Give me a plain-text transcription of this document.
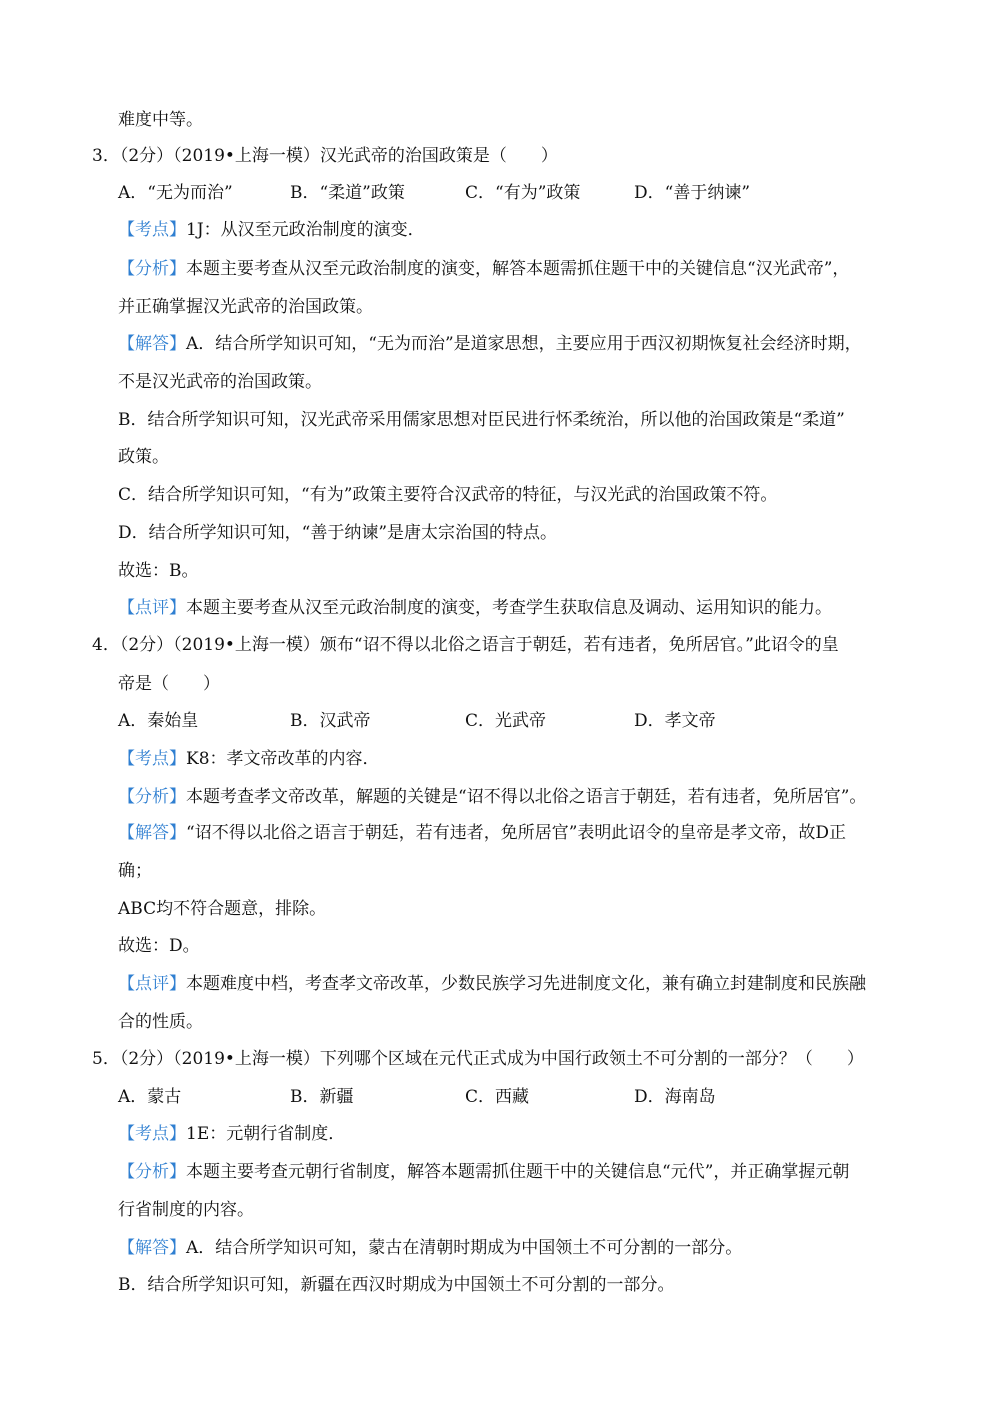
难度中等。
3．（2分）（2019•上海一模）汉光武帝的治国政策是（　　）
A．“无为而治”	B．“柔道”政策	C．“有为”政策	D．“善于纳谏”
【考点】1J：从汉至元政治制度的演变．
【分析】本题主要考查从汉至元政治制度的演变，解答本题需抓住题干中的关键信息“汉光武帝”，
并正确掌握汉光武帝的治国政策。
【解答】A．结合所学知识可知，“无为而治”是道家思想，主要应用于西汉初期恢复社会经济时期，
不是汉光武帝的治国政策。
B．结合所学知识可知，汉光武帝采用儒家思想对臣民进行怀柔统治，所以他的治国政策是“柔道”
政策。
C．结合所学知识可知，“有为”政策主要符合汉武帝的特征，与汉光武的治国政策不符。
D．结合所学知识可知，“善于纳谏”是唐太宗治国的特点。
故选：B。
【点评】本题主要考查从汉至元政治制度的演变，考查学生获取信息及调动、运用知识的能力。
4．（2分）（2019•上海一模）颁布“诏不得以北俗之语言于朝廷，若有违者，免所居官。”此诏令的皇
帝是（　　）
A．秦始皇	B．汉武帝	C．光武帝	D．孝文帝
【考点】K8：孝文帝改革的内容．
【分析】本题考查孝文帝改革，解题的关键是“诏不得以北俗之语言于朝廷，若有违者，免所居官”。
【解答】“诏不得以北俗之语言于朝廷，若有违者，免所居官”表明此诏令的皇帝是孝文帝，故D正
确；
ABC均不符合题意，排除。
故选：D。
【点评】本题难度中档，考查孝文帝改革，少数民族学习先进制度文化，兼有确立封建制度和民族融
合的性质。
5．（2分）（2019•上海一模）下列哪个区域在元代正式成为中国行政领土不可分割的一部分？（　　）
A．蒙古	B．新疆	C．西藏	D．海南岛
【考点】1E：元朝行省制度．
【分析】本题主要考查元朝行省制度，解答本题需抓住题干中的关键信息“元代”，并正确掌握元朝
行省制度的内容。
【解答】A．结合所学知识可知，蒙古在清朝时期成为中国领土不可分割的一部分。
B．结合所学知识可知，新疆在西汉时期成为中国领土不可分割的一部分。
